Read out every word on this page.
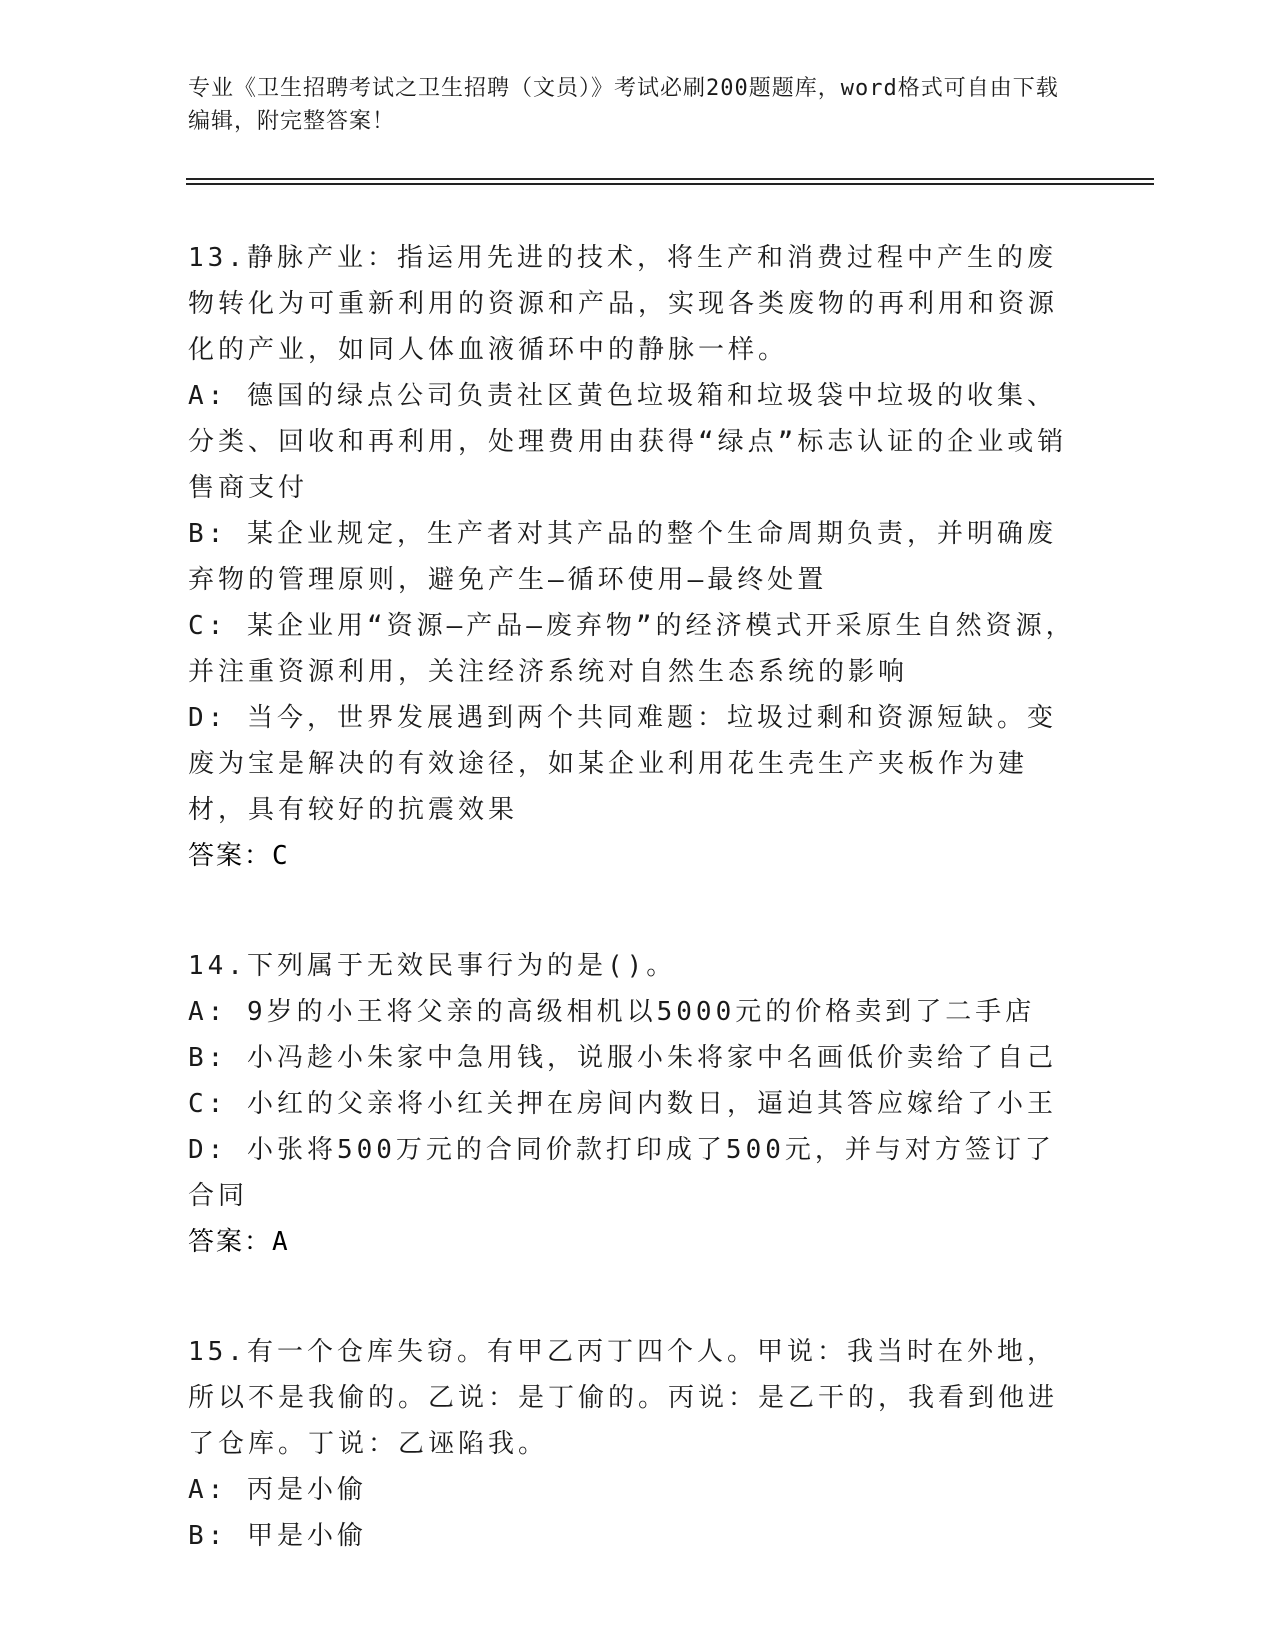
专业《卫生招聘考试之卫生招聘（文员）》考试必刷200题题库，word格式可自由下载编辑，附完整答案！
13.静脉产业：指运用先进的技术，将生产和消费过程中产生的废物转化为可重新利用的资源和产品，实现各类废物的再利用和资源化的产业，如同人体血液循环中的静脉一样。
A: 德国的绿点公司负责社区黄色垃圾箱和垃圾袋中垃圾的收集、分类、回收和再利用，处理费用由获得“绿点”标志认证的企业或销售商支付
B: 某企业规定，生产者对其产品的整个生命周期负责，并明确废弃物的管理原则，避免产生—循环使用—最终处置
C: 某企业用“资源—产品—废弃物”的经济模式开采原生自然资源，并注重资源利用，关注经济系统对自然生态系统的影响
D: 当今，世界发展遇到两个共同难题：垃圾过剩和资源短缺。变废为宝是解决的有效途径，如某企业利用花生壳生产夹板作为建材，具有较好的抗震效果
答案：C
14.下列属于无效民事行为的是()。
A: 9岁的小王将父亲的高级相机以5000元的价格卖到了二手店
B: 小冯趁小朱家中急用钱，说服小朱将家中名画低价卖给了自己
C: 小红的父亲将小红关押在房间内数日，逼迫其答应嫁给了小王
D: 小张将500万元的合同价款打印成了500元，并与对方签订了合同
答案：A
15.有一个仓库失窃。有甲乙丙丁四个人。甲说：我当时在外地，所以不是我偷的。乙说：是丁偷的。丙说：是乙干的，我看到他进了仓库。丁说：乙诬陷我。
A: 丙是小偷
B: 甲是小偷
